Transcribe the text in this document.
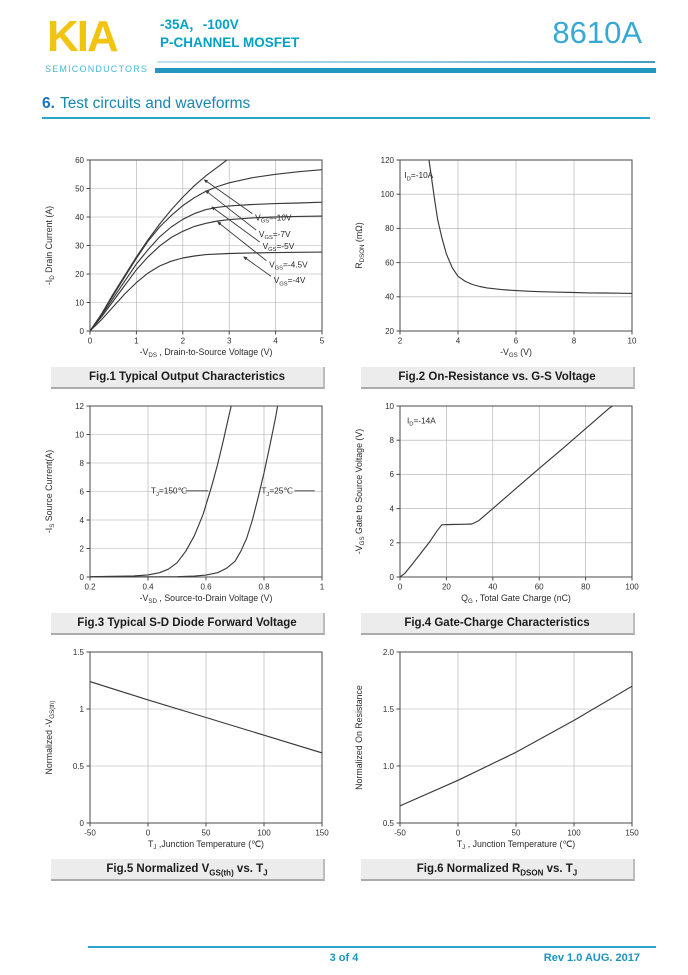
KIA
SEMICONDUCTORS
-35A，-100V
P-CHANNEL MOSFET	8610A
6. Test circuits and waveforms
0	1	2	3	4	5
0
10
20
30
40
50
60
$V_{GS}=-10V$
$V_{GS}=-7V$
$V_{GS}=-5V$
$V_{GS}=-4.5V$
$V_{GS}=-4V$
$-V_{DS}$ , Drain-to-Source Voltage (V)
$-I_D$ Drain Current (A)
Fig.1 Typical Output Characteristics
2	4	6	8	10
20
40
60
80
100
120
$I_D=-10A$
$-V_{GS}$ (V)
$R_{DSON}$ (mΩ)
Fig.2 On-Resistance vs. G-S Voltage
0.2	0.4	0.6	0.8	1
0
2
4
6
8
10
12
$T_J=150℃$	$T_J=25℃$
$-V_{SD}$ , Source-to-Drain Voltage (V)
$-I_S$ Source Current(A)
Fig.3 Typical S-D Diode Forward Voltage
0	20	40	60	80	100
0
2
4
6
8
10
$I_D=-14A$
$Q_G$ , Total Gate Charge (nC)
$-V_{GS}$ Gate to Source Voltage (V)
Fig.4 Gate-Charge Characteristics
-50	0	50	100	150
0
0.5
1
1.5
$T_J$ ,Junction Temperature (℃)
Normalized $-V_{GS(th)}$
Fig.5 Normalized $V_{GS(th)}$ vs. $T_J$
-50	0	50	100	150
0.5
1.0
1.5
2.0
$T_J$ , Junction Temperature (℃)
Normalized On Resistance
Fig.6 Normalized $R_{DSON}$ vs. $T_J$
3 of 4	Rev 1.0 AUG. 2017
